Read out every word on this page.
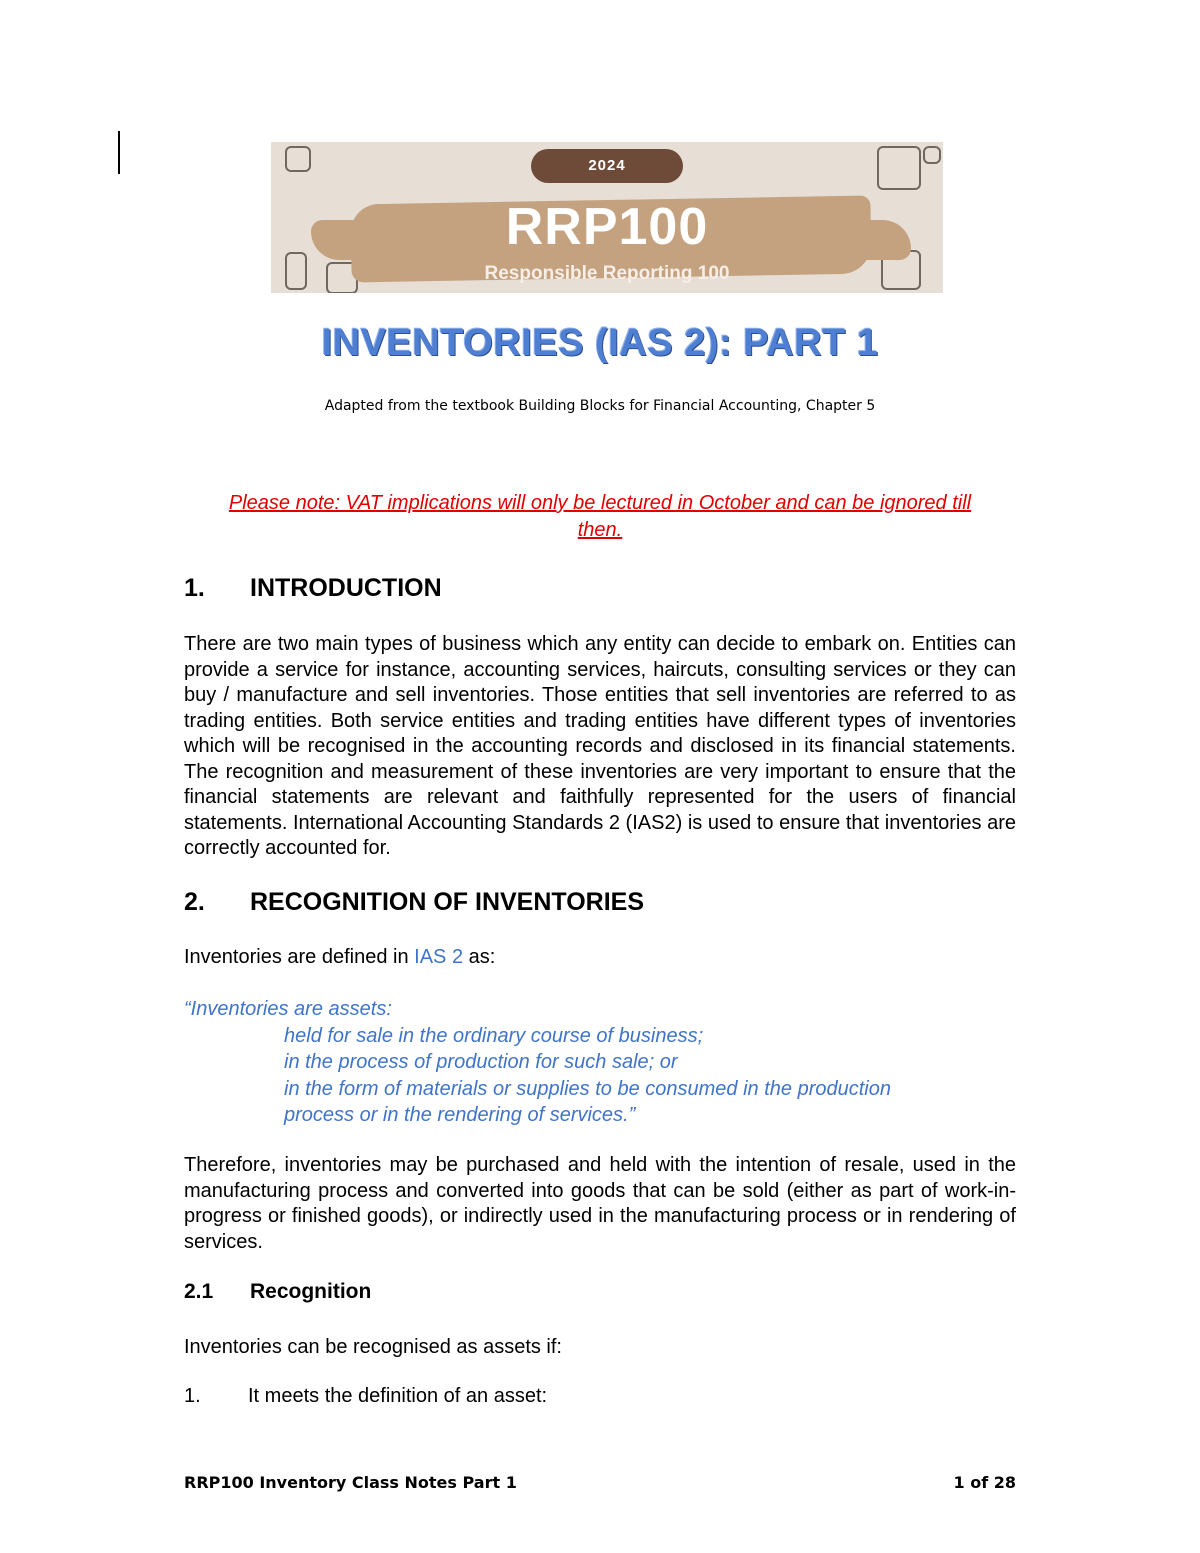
2024
RRP100
Responsible Reporting 100
INVENTORIES (IAS 2): PART 1
Adapted from the textbook Building Blocks for Financial Accounting, Chapter 5
Please note: VAT implications will only be lectured in October and can be ignored till
then.
1. INTRODUCTION
There are two main types of business which any entity can decide to embark on. Entities can provide a service for instance, accounting services, haircuts, consulting services or they can buy / manufacture and sell inventories. Those entities that sell inventories are referred to as trading entities. Both service entities and trading entities have different types of inventories which will be recognised in the accounting records and disclosed in its financial statements. The recognition and measurement of these inventories are very important to ensure that the financial statements are relevant and faithfully represented for the users of financial statements. International Accounting Standards 2 (IAS2) is used to ensure that inventories are correctly accounted for.
2. RECOGNITION OF INVENTORIES
Inventories are defined in IAS 2 as:
“Inventories are assets:
held for sale in the ordinary course of business;
in the process of production for such sale; or
in the form of materials or supplies to be consumed in the production
process or in the rendering of services.”
Therefore, inventories may be purchased and held with the intention of resale, used in the manufacturing process and converted into goods that can be sold (either as part of work-in-progress or finished goods), or indirectly used in the manufacturing process or in rendering of services.
2.1 Recognition
Inventories can be recognised as assets if:
1. It meets the definition of an asset:
RRP100 Inventory Class Notes Part 1	1 of 28
